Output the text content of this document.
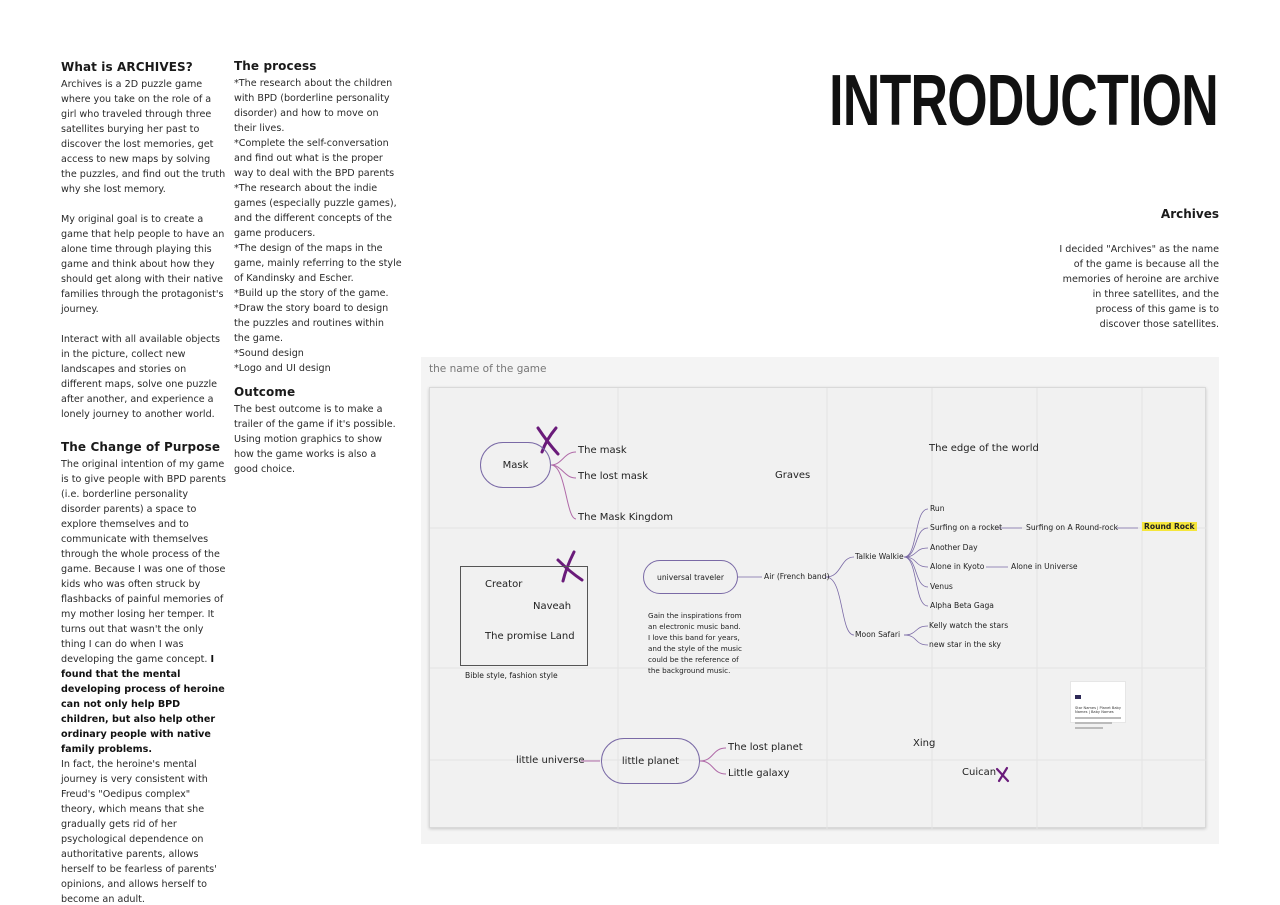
What is ARCHIVES?

Archives is a 2D puzzle game where you take on the role of a girl who traveled through three satellites burying her past to discover the lost memories, get access to new maps by solving the puzzles, and find out the truth why she lost memory.

My original goal is to create a game that help people to have an alone time through playing this game and think about how they should get along with their native families through the protagonist's journey.

Interact with all available objects in the picture, collect new landscapes and stories on different maps, solve one puzzle after another, and experience a lonely journey to another world.

The Change of Purpose

The original intention of my game is to give people with BPD parents (i.e. borderline personality disorder parents) a space to explore themselves and to communicate with themselves through the whole process of the game. Because I was one of those kids who was often struck by flashbacks of painful memories of my mother losing her temper. It turns out that wasn't the only thing I can do when I was developing the game concept. I found that the mental developing process of heroine can not only help BPD children, but also help other ordinary people with native family problems.

In fact, the heroine's mental journey is very consistent with Freud's "Oedipus complex" theory, which means that she gradually gets rid of her psychological dependence on authoritative parents, allows herself to be fearless of parents' opinions, and allows herself to become an adult.

The process

*The research about the children with BPD (borderline personality disorder) and how to move on their lives.

*Complete the self-conversation and find out what is the proper way to deal with the BPD parents

*The research about the indie games (especially puzzle games), and the different concepts of the game producers.

*The design of the maps in the game, mainly referring to the style of Kandinsky and Escher.

*Build up the story of the game.

*Draw the story board to design the puzzles and routines within the game.

*Sound design

*Logo and UI design

Outcome

The best outcome is to make a trailer of the game if it's possible. Using motion graphics to show how the game works is also a good choice.

INTRODUCTION
Archives

I decided "Archives" as the name of the game is because all the memories of heroine are archive in three satellites, and the process of this game is to discover those satellites.

the name of the game
Mask
The mask
The lost mask
The Mask Kingdom
Graves
The edge of the world
Creator
Naveah
The promise Land
Bible style, fashion style
universal traveler	Air (French band)
Talkie Walkie
Moon Safari
Run
Surfing on a rocket
Another Day
Alone in Kyoto
Venus
Alpha Beta Gaga
Surfing on A Round-rock	Round Rock
Alone in Universe
Kelly watch the stars
new star in the sky
Gain the inspirations from
an electronic music band.
I love this band for years,
and the style of the music
could be the reference of
the background music.
Star Names | Planet Baby Names | Baby Names
little universe	little planet
The lost planet
Little galaxy
Xing
Cuican
